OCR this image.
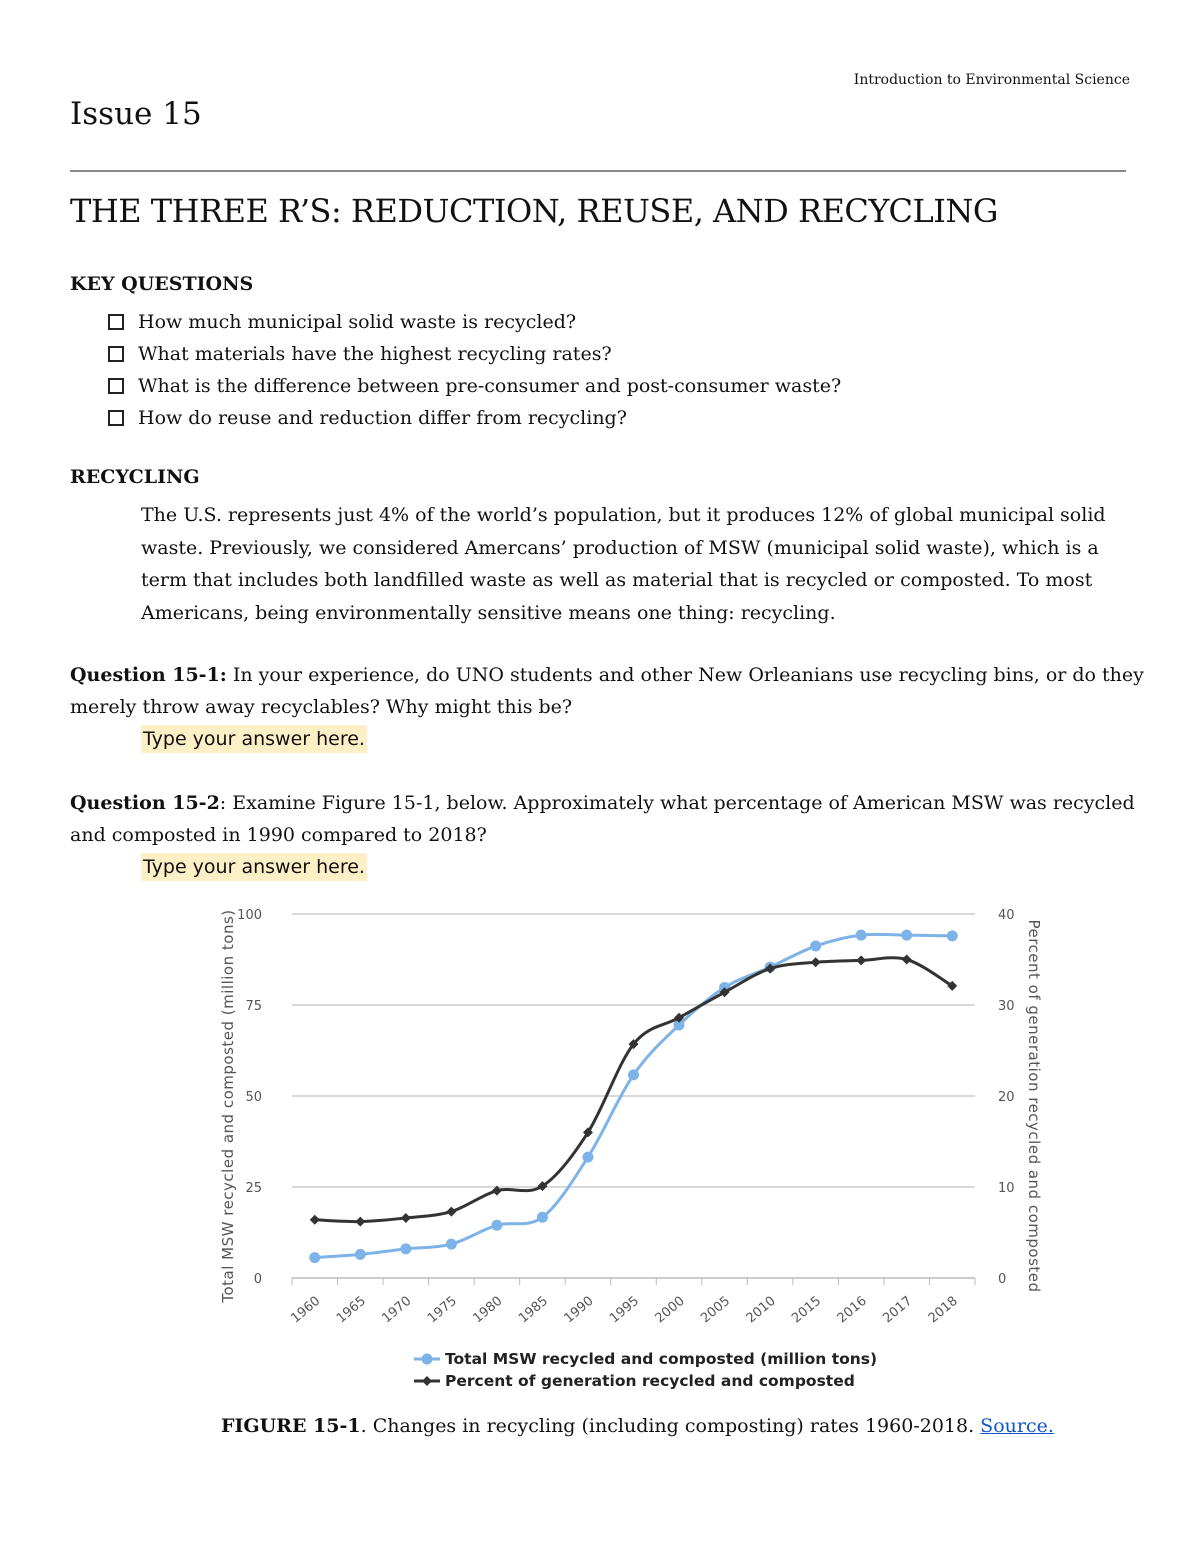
Introduction to Environmental Science
Issue 15
THE THREE R’S: REDUCTION, REUSE, AND RECYCLING
KEY QUESTIONS
How much municipal solid waste is recycled?
What materials have the highest recycling rates?
What is the difference between pre-consumer and post-consumer waste?
How do reuse and reduction differ from recycling?
RECYCLING

The U.S. represents just 4% of the world’s population, but it produces 12% of global municipal solid waste. Previously, we considered Amercans’ production of MSW (municipal solid waste), which is a term that includes both landfilled waste as well as material that is recycled or composted. To most Americans, being environmentally sensitive means one thing: recycling.

Question 15-1: In your experience, do UNO students and other New Orleanians use recycling bins, or do they merely throw away recyclables? Why might this be?

Type your answer here.

Question 15-2: Examine Figure 15-1, below. Approximately what percentage of American MSW was recycled and composted in 1990 compared to 2018?

Type your answer here.
0	0
25	10
50	20
75	30
100	40
1960 1965 1970 1975 1980 1985 1990 1995 2000 2005 2010 2015 2016 2017 2018
Total MSW recycled and composted (million tons)	Percent of generation recycled and composted
Total MSW recycled and composted (million tons)
Percent of generation recycled and composted
FIGURE 15-1. Changes in recycling (including composting) rates 1960-2018. Source.
